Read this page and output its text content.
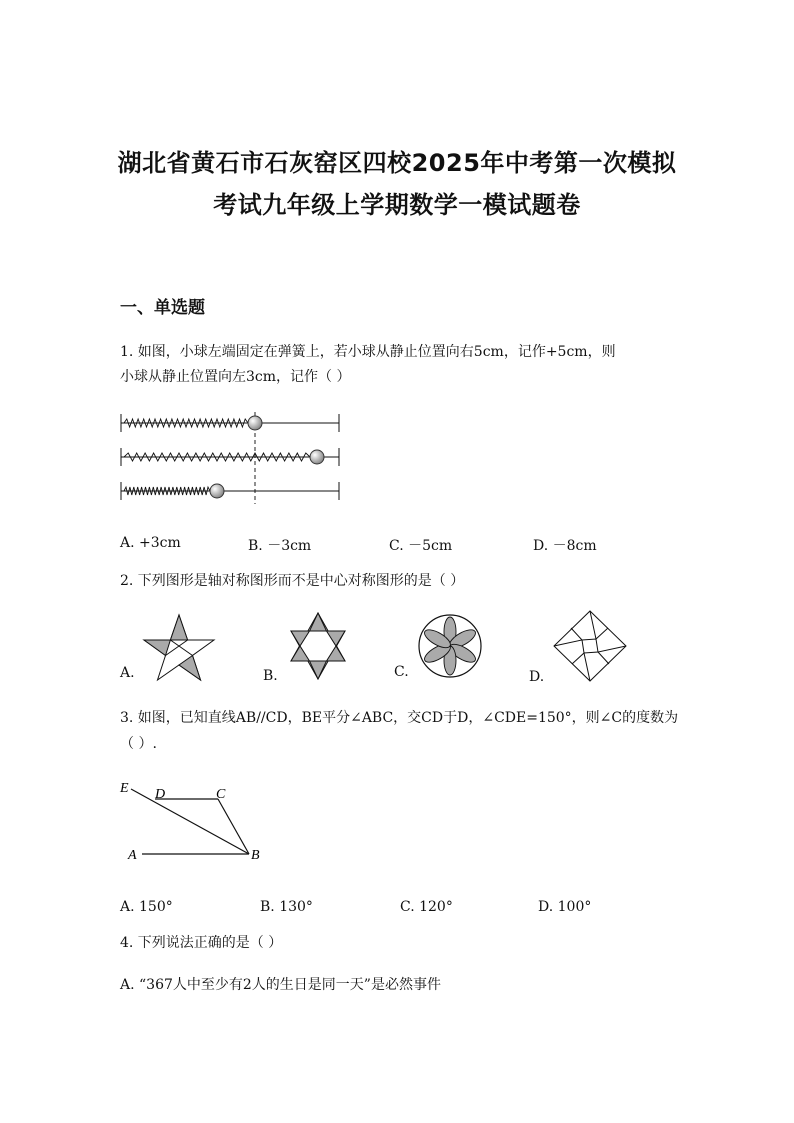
湖北省黄石市石灰窑区四校2025年中考第一次模拟
考试九年级上学期数学一模试题卷
一、单选题
1. 如图，小球左端固定在弹簧上，若小球从静止位置向右5cm，记作+5cm，则
小球从静止位置向左3cm，记作（ ）
A. +3cm	B. －3cm	C. －5cm	D. －8cm
2. 下列图形是轴对称图形而不是中心对称图形的是（ ）
A.	B.	C.	D.
3. 如图，已知直线AB//CD，BE平分∠ABC，交CD于D，∠CDE=150°，则∠C的度数为
（ ）.
E D	C
A	B
A. 150°	B. 130°	C. 120°	D. 100°
4. 下列说法正确的是（ ）
A. “367人中至少有2人的生日是同一天”是必然事件
